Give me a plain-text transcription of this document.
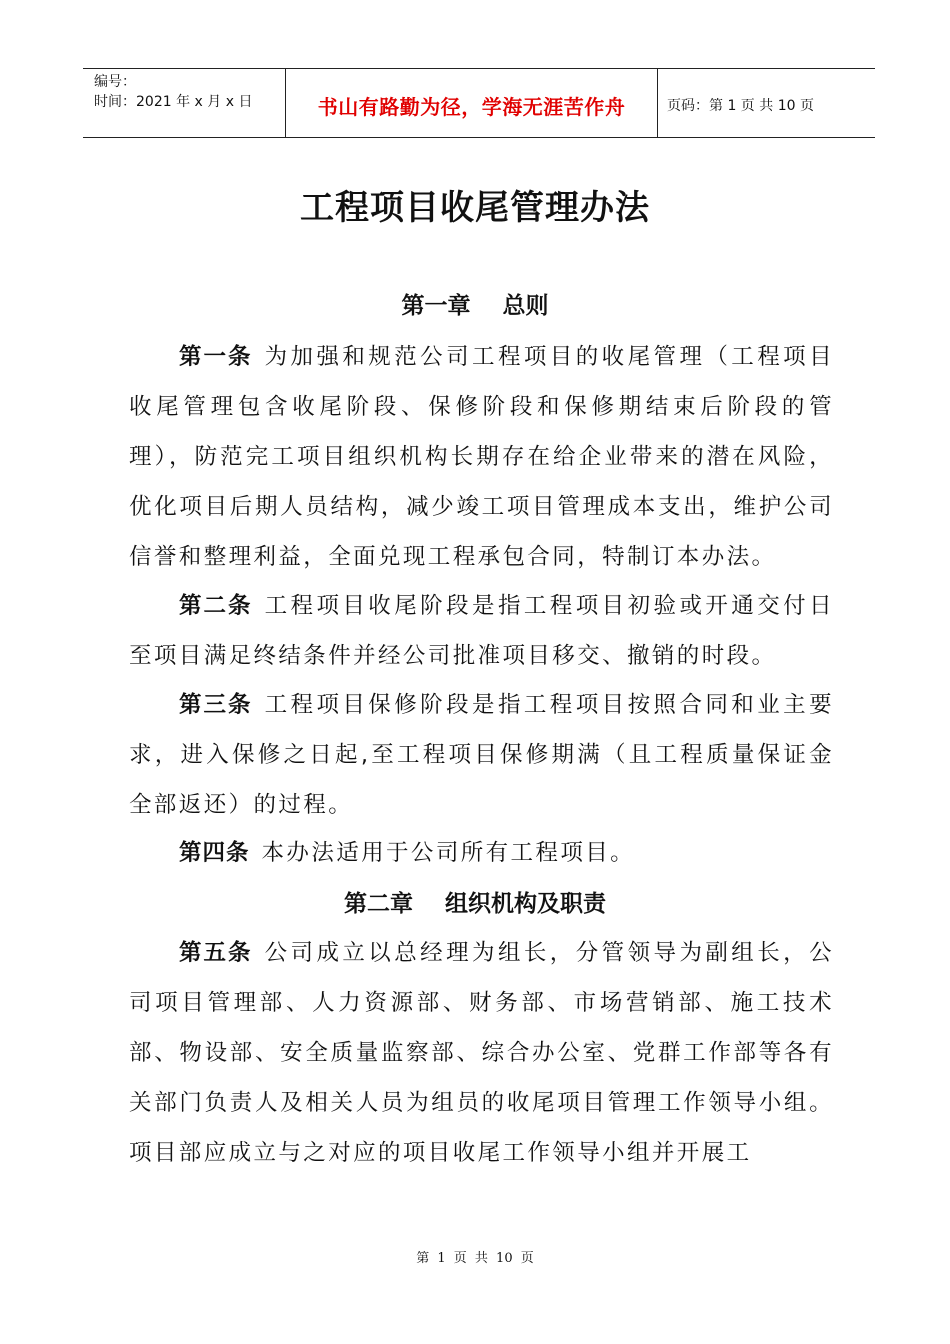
编号：
时间：2021 年 x 月 x 日	书山有路勤为径，学海无涯苦作舟	页码：第 1 页 共 10 页
工程项目收尾管理办法
第一章    总则

第一条 为加强和规范公司工程项目的收尾管理（工程项目收尾管理包含收尾阶段、保修阶段和保修期结束后阶段的管理），防范完工项目组织机构长期存在给企业带来的潜在风险，优化项目后期人员结构，减少竣工项目管理成本支出，维护公司信誉和整理利益，全面兑现工程承包合同，特制订本办法。

第二条 工程项目收尾阶段是指工程项目初验或开通交付日至项目满足终结条件并经公司批准项目移交、撤销的时段。

第三条 工程项目保修阶段是指工程项目按照合同和业主要求，进入保修之日起,至工程项目保修期满（且工程质量保证金全部返还）的过程。

第四条 本办法适用于公司所有工程项目。

第二章    组织机构及职责

第五条 公司成立以总经理为组长，分管领导为副组长，公司项目管理部、人力资源部、财务部、市场营销部、施工技术部、物设部、安全质量监察部、综合办公室、党群工作部等各有关部门负责人及相关人员为组员的收尾项目管理工作领导小组。项目部应成立与之对应的项目收尾工作领导小组并开展工

第 1 页 共 10 页
